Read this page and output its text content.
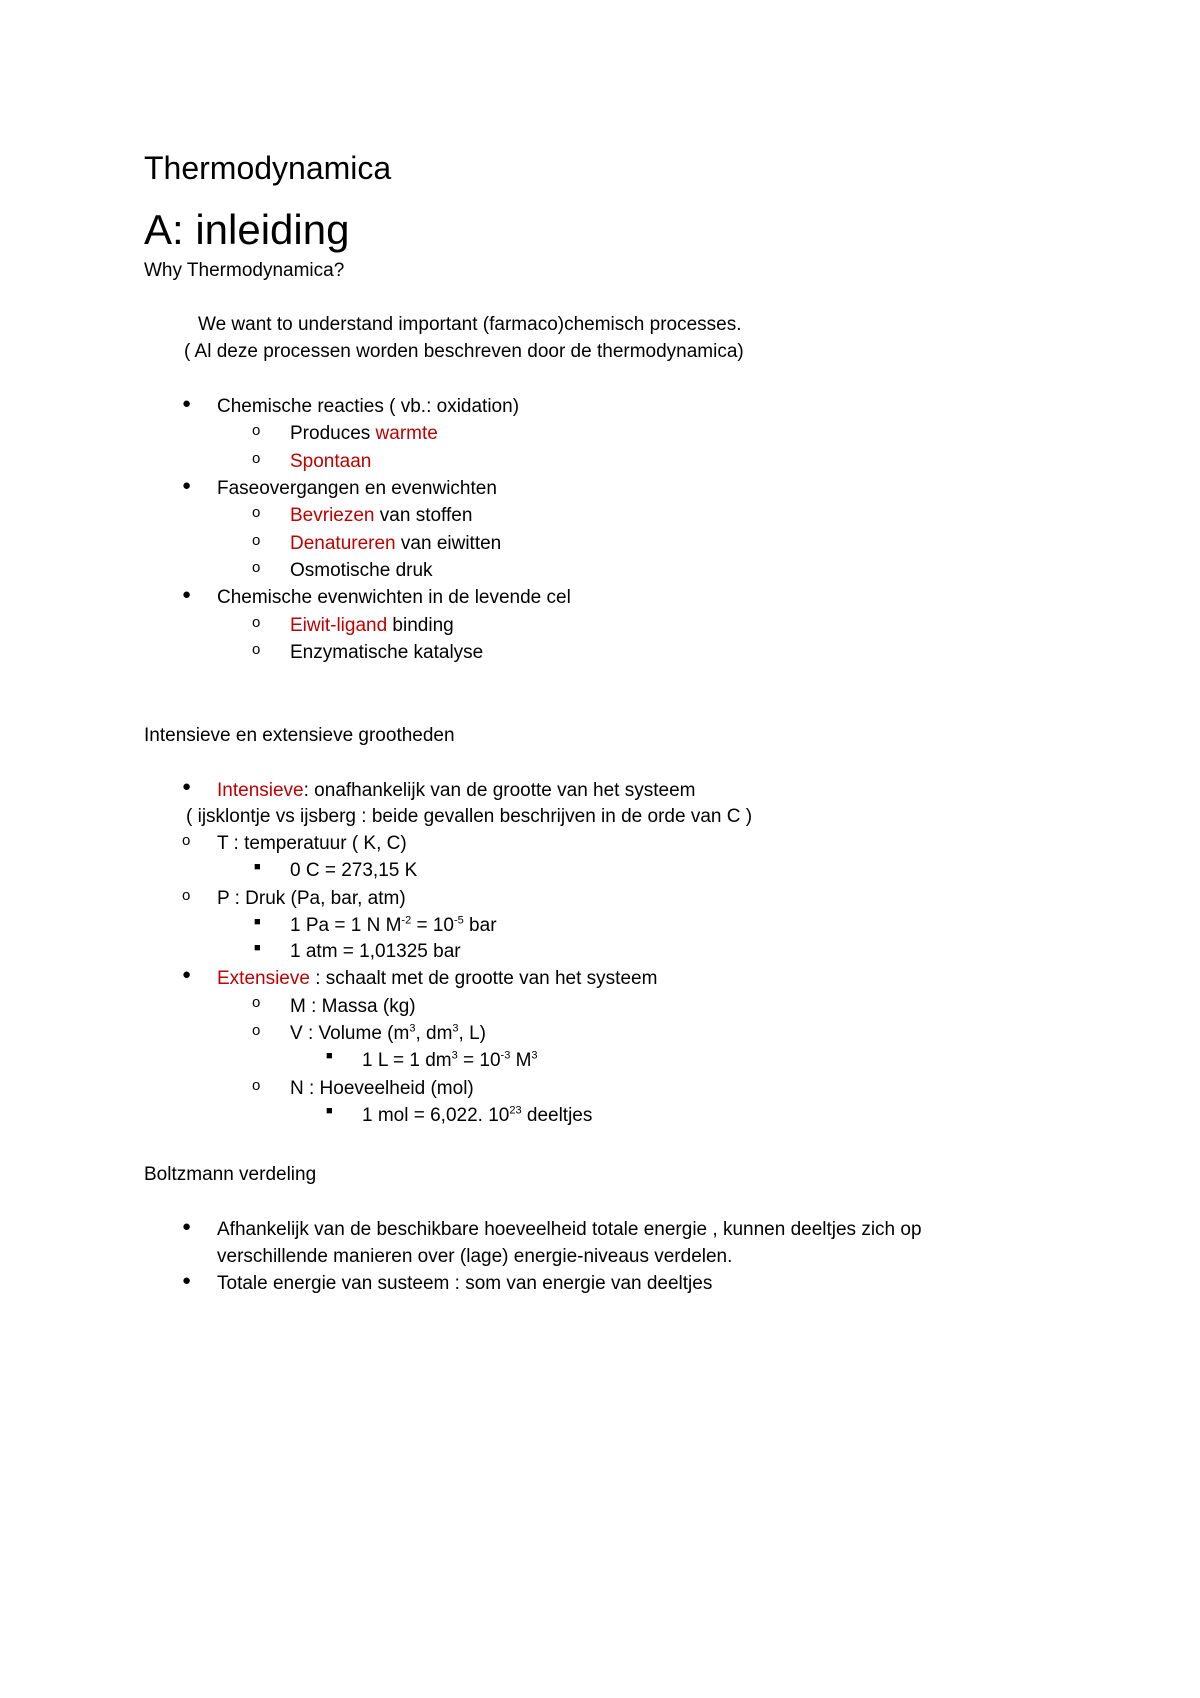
Thermodynamica
A: inleiding
Why Thermodynamica?
We want to understand important (farmaco)chemisch processes.
( Al deze processen worden beschreven door de thermodynamica)
● Chemische reacties ( vb.: oxidation)
o Produces warmte
o Spontaan
● Faseovergangen en evenwichten
o Bevriezen van stoffen
o Denatureren van eiwitten
o Osmotische druk
● Chemische evenwichten in de levende cel
o Eiwit-ligand binding
o Enzymatische katalyse
Intensieve en extensieve grootheden
● Intensieve: onafhankelijk van de grootte van het systeem
( ijsklontje vs ijsberg : beide gevallen beschrijven in de orde van C )
o T : temperatuur ( K, C)
■ 0 C = 273,15 K
o P : Druk (Pa, bar, atm)
■ 1 Pa = 1 N $M^{-2} = 10^{-5}$ bar
■ 1 atm = 1,01325 bar
● Extensieve : schaalt met de grootte van het systeem
o M : Massa (kg)
o V : Volume ($m^3$, $dm^3$, L)
■ 1 L = 1 $dm^3 = 10^{-3}$ $M^3$
o N : Hoeveelheid (mol)
■ 1 mol = 6,022. $10^{23}$ deeltjes
Boltzmann verdeling
● Afhankelijk van de beschikbare hoeveelheid totale energie , kunnen deeltjes zich op
verschillende manieren over (lage) energie-niveaus verdelen.
● Totale energie van susteem : som van energie van deeltjes
